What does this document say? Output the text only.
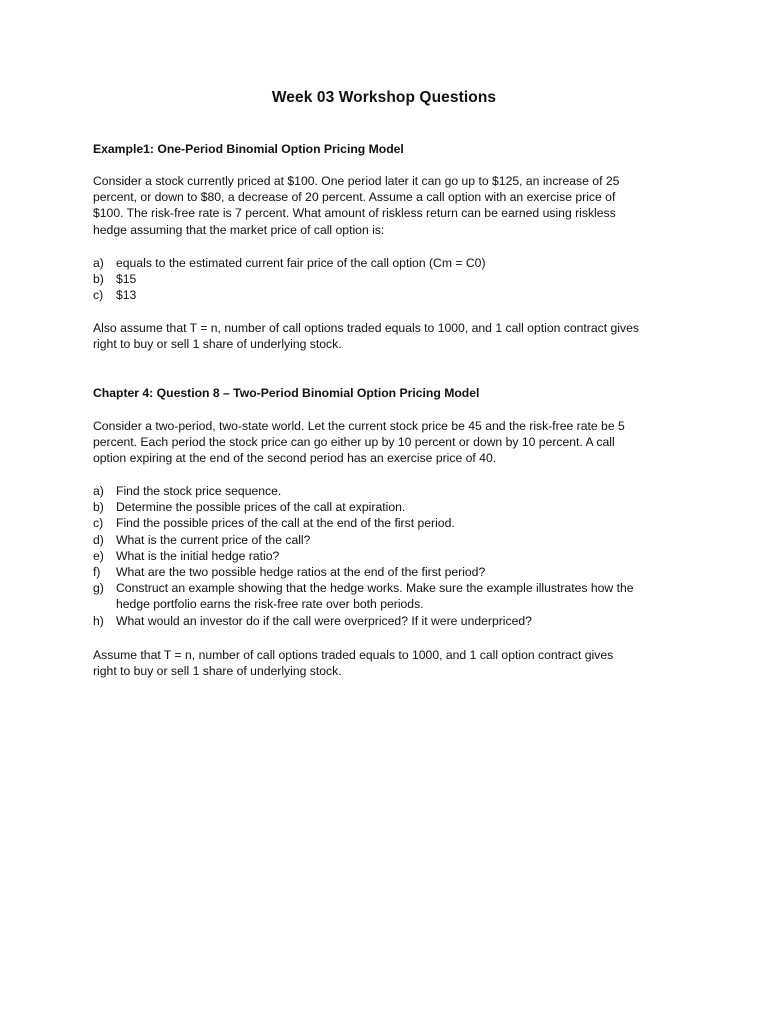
Week 03 Workshop Questions
Example1: One-Period Binomial Option Pricing Model
Consider a stock currently priced at $100. One period later it can go up to $125, an increase of 25
percent, or down to $80, a decrease of 20 percent. Assume a call option with an exercise price of
$100. The risk-free rate is 7 percent. What amount of riskless return can be earned using riskless
hedge assuming that the market price of call option is:
a) equals to the estimated current fair price of the call option (Cm = C0)
b) $15
c)	$13
Also assume that T = n, number of call options traded equals to 1000, and 1 call option contract gives
right to buy or sell 1 share of underlying stock.
Chapter 4: Question 8 – Two-Period Binomial Option Pricing Model
Consider a two-period, two-state world. Let the current stock price be 45 and the risk-free rate be 5
percent. Each period the stock price can go either up by 10 percent or down by 10 percent. A call
option expiring at the end of the second period has an exercise price of 40.
a) Find the stock price sequence.
b) Determine the possible prices of the call at expiration.
c)	Find the possible prices of the call at the end of the first period.
d) What is the current price of the call?
e) What is the initial hedge ratio?
f)	What are the two possible hedge ratios at the end of the first period?
g) Construct an example showing that the hedge works. Make sure the example illustrates how the
hedge portfolio earns the risk-free rate over both periods.
h) What would an investor do if the call were overpriced? If it were underpriced?
Assume that T = n, number of call options traded equals to 1000, and 1 call option contract gives
right to buy or sell 1 share of underlying stock.
